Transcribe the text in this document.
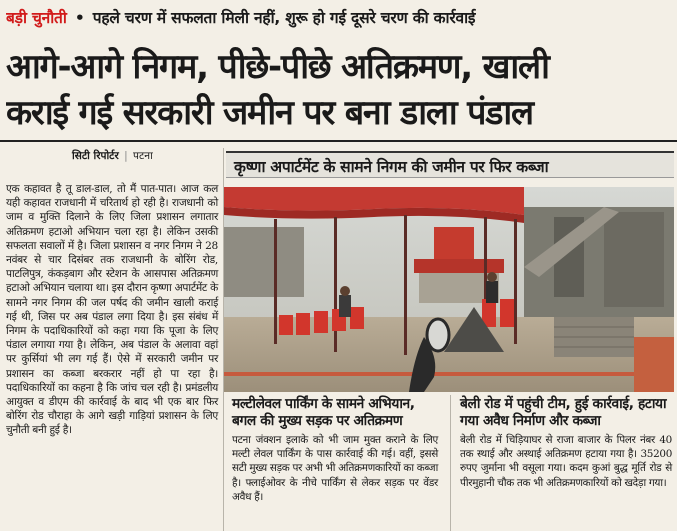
बड़ी चुनौती • पहले चरण में सफलता मिली नहीं, शुरू हो गई दूसरे चरण की कार्रवाई
आगे-आगे निगम, पीछे-पीछे अतिक्रमण, खाली
कराई गई सरकारी जमीन पर बना डाला पंडाल
सिटी रिपोर्टर | पटना
कृष्णा अपार्टमेंट के सामने निगम की जमीन पर फिर कब्जा

एक कहावत है तू डाल-डाल, तो मैं पात-पात। आज कल यही कहावत राजधानी में चरितार्थ हो रही है। राजधानी को जाम व मुक्ति दिलाने के लिए जिला प्रशासन लगातार अतिक्रमण हटाओ अभियान चला रहा है। लेकिन उसकी सफलता सवालों में है। जिला प्रशासन व नगर निगम ने 28 नवंबर से चार दिसंबर तक राजधानी के बोरिंग रोड, पाटलिपुत्र, कंकड़बाग और स्टेशन के आसपास अतिक्रमण हटाओ अभियान चलाया था। इस दौरान कृष्णा अपार्टमेंट के सामने नगर निगम की जल पर्षद की जमीन खाली कराई गई थी, जिस पर अब पंडाल लगा दिया है। इस संबंध में निगम के पदाधिकारियों को कहा गया कि पूजा के लिए पंडाल लगाया गया है। लेकिन, अब पंडाल के अलावा वहां पर कुर्सियां भी लग गई हैं। ऐसे में सरकारी जमीन पर प्रशासन का कब्जा बरकरार नहीं हो पा रहा है। पदाधिकारियों का कहना है कि जांच चल रही है। प्रमंडलीय आयुक्त व डीएम की कार्रवाई के बाद भी एक बार फिर बोरिंग रोड चौराहा के आगे खड़ी गाड़ियां प्रशासन के लिए चुनौती बनी हुई है।

मल्टीलेवल पार्किंग के सामने अभियान, बगल की मुख्य सड़क पर अतिक्रमण

पटना जंक्शन इलाके को भी जाम मुक्त कराने के लिए मल्टी लेवल पार्किंग के पास कार्रवाई की गई। वहीं, इससे सटी मुख्य सड़क पर अभी भी अतिक्रमणकारियों का कब्जा है। फ्लाईओवर के नीचे पार्किंग से लेकर सड़क पर वेंडर अवैध हैं।

बेली रोड में पहुंची टीम, हुई कार्रवाई, हटाया गया अवैध निर्माण और कब्जा

बेली रोड में चिड़ियाघर से राजा बाजार के पिलर नंबर 40 तक स्थाई और अस्थाई अतिक्रमण हटाया गया है। 35200 रुपए जुर्माना भी वसूला गया। कदम कुआं बुद्ध मूर्ति रोड से पीरमुहानी चौक तक भी अतिक्रमणकारियों को खदेड़ा गया।
